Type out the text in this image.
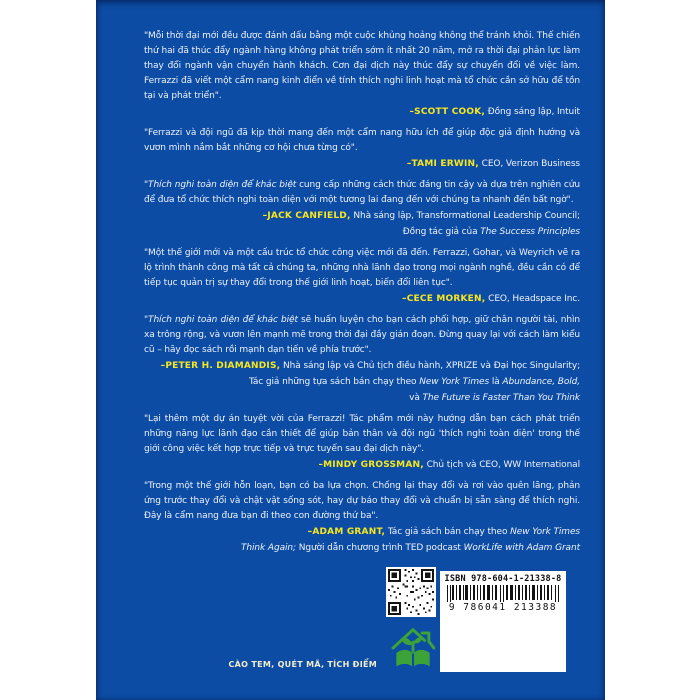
"Mỗi thời đại mới đều được đánh dấu bằng một cuộc khủng hoảng không thể tránh khỏi. Thế chiến thứ hai đã thúc đẩy ngành hàng không phát triển sớm ít nhất 20 năm, mở ra thời đại phản lực làm thay đổi ngành vận chuyển hành khách. Cơn đại dịch này thúc đẩy sự chuyển đổi về việc làm. Ferrazzi đã viết một cẩm nang kinh điển về tính thích nghi linh hoạt mà tổ chức cần sở hữu để tồn tại và phát triển".

–SCOTT COOK, Đồng sáng lập, Intuit

"Ferrazzi và đội ngũ đã kịp thời mang đến một cẩm nang hữu ích để giúp độc giả định hướng và vươn mình nắm bắt những cơ hội chưa từng có".

–TAMI ERWIN, CEO, Verizon Business

"Thích nghi toàn diện để khác biệt cung cấp những cách thức đáng tin cậy và dựa trên nghiên cứu để đưa tổ chức thích nghi toàn diện với một tương lai đang đến với chúng ta nhanh đến bất ngờ".

–JACK CANFIELD, Nhà sáng lập, Transformational Leadership Council;
Đồng tác giả của The Success Principles

"Một thế giới mới và một cấu trúc tổ chức công việc mới đã đến. Ferrazzi, Gohar, và Weyrich vẽ ra lộ trình thành công mà tất cả chúng ta, những nhà lãnh đạo trong mọi ngành nghề, đều cần có để tiếp tục quản trị sự thay đổi trong thế giới linh hoạt, biến đổi liên tục".

–CECE MORKEN, CEO, Headspace Inc.

"Thích nghi toàn diện để khác biệt sẽ huấn luyện cho bạn cách phối hợp, giữ chân người tài, nhìn xa trông rộng, và vươn lên mạnh mẽ trong thời đại đầy gián đoạn. Đừng quay lại với cách làm kiểu cũ – hãy đọc sách rồi mạnh dạn tiến về phía trước".

–PETER H. DIAMANDIS, Nhà sáng lập và Chủ tịch điều hành, XPRIZE và Đại học Singularity;
Tác giả những tựa sách bán chạy theo New York Times là Abundance, Bold,
và The Future is Faster Than You Think

"Lại thêm một dự án tuyệt vời của Ferrazzi! Tác phẩm mới này hướng dẫn bạn cách phát triển những năng lực lãnh đạo cần thiết để giúp bản thân và đội ngũ 'thích nghi toàn diện' trong thế giới công việc kết hợp trực tiếp và trực tuyến sau đại dịch này".

–MINDY GROSSMAN, Chủ tịch và CEO, WW International

"Trong một thế giới hỗn loạn, bạn có ba lựa chọn. Chống lại thay đổi và rơi vào quên lãng, phản ứng trước thay đổi và chật vật sống sót, hay dự báo thay đổi và chuẩn bị sẵn sàng để thích nghi. Đây là cẩm nang đưa bạn đi theo con đường thứ ba".

–ADAM GRANT, Tác giả sách bán chạy theo New York Times
Think Again; Người dẫn chương trình TED podcast WorkLife with Adam Grant
ISBN 978-604-1-21338-8
9 786041 213388
CÀO TEM, QUÉT MÃ, TÍCH ĐIỂM
